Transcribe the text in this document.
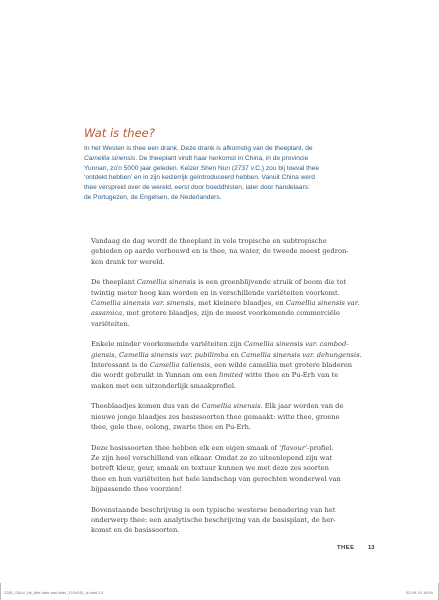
Wat is thee?
In het Westen is thee een drank. Deze drank is afkomstig van de theeplant, de
Camellia sinensis. De theeplant vindt haar herkomst in China, in de provincie
Yunnan, zo'n 5000 jaar geleden. Keizer Shen Nun (2737 v.C.) zou bij toeval thee
‘ontdekt hebben’ en in zijn keizerrijk geïntroduceerd hebben. Vanuit China werd
thee verspreid over de wereld, eerst door boeddhisten, later door handelaars:
de Portugezen, de Engelsen, de Nederlanders.

Vandaag de dag wordt de theeplant in vele tropische en subtropische
gebieden op aarde verbouwd en is thee, na water, de tweede meest gedron-
ken drank ter wereld.

De theeplant Camellia sinensis is een groenblijvende struik of boom die tot
twintig meter hoog kan worden en in verschillende variëteiten voorkomt.
Camellia sinensis var. sinensis, met kleinere blaadjes, en Camellia sinensis var.
assamica, met grotere blaadjes, zijn de meest voorkomende commerciële
variëteiten.

Enkele minder voorkomende variëteiten zijn Camellia sinensis var. cambod-
giensis, Camellia sinensis var. pubilimba en Camellia sinensis var. dehungensis.
Interessant is de Camellia taliensis, een wilde camellia met grotere bladeren
die wordt gebruikt in Yunnan om een limited witte thee en Pu-Erh van te
maken met een uitzonderlijk smaakprofiel.

Theeblaadjes komen dus van de Camellia sinensis. Elk jaar worden van de
nieuwe jonge blaadjes zes basissoorten thee gemaakt: witte thee, groene
thee, gele thee, oolong, zwarte thee en Pu-Erh.

Deze basissoorten thee hebben elk een eigen smaak of ‘flavour’-profiel.
Ze zijn heel verschillend van elkaar. Omdat ze zo uiteenlopend zijn wat
betreft kleur, geur, smaak en textuur kunnen we met deze zes soorten
thee en hun variëteiten het hele landschap van gerechten wonderwel van
bijpassende thee voorzien!

Bovenstaande beschrijving is een typische westerse benadering van het
onderwerp thee: een analytische beschrijving van de basisplant, de her-
komst en de basissoorten.

THEE 13
2280_S&cV_bk_Met thee aan tafel_170x240_fc.indd 13	02-09-19 18:09
